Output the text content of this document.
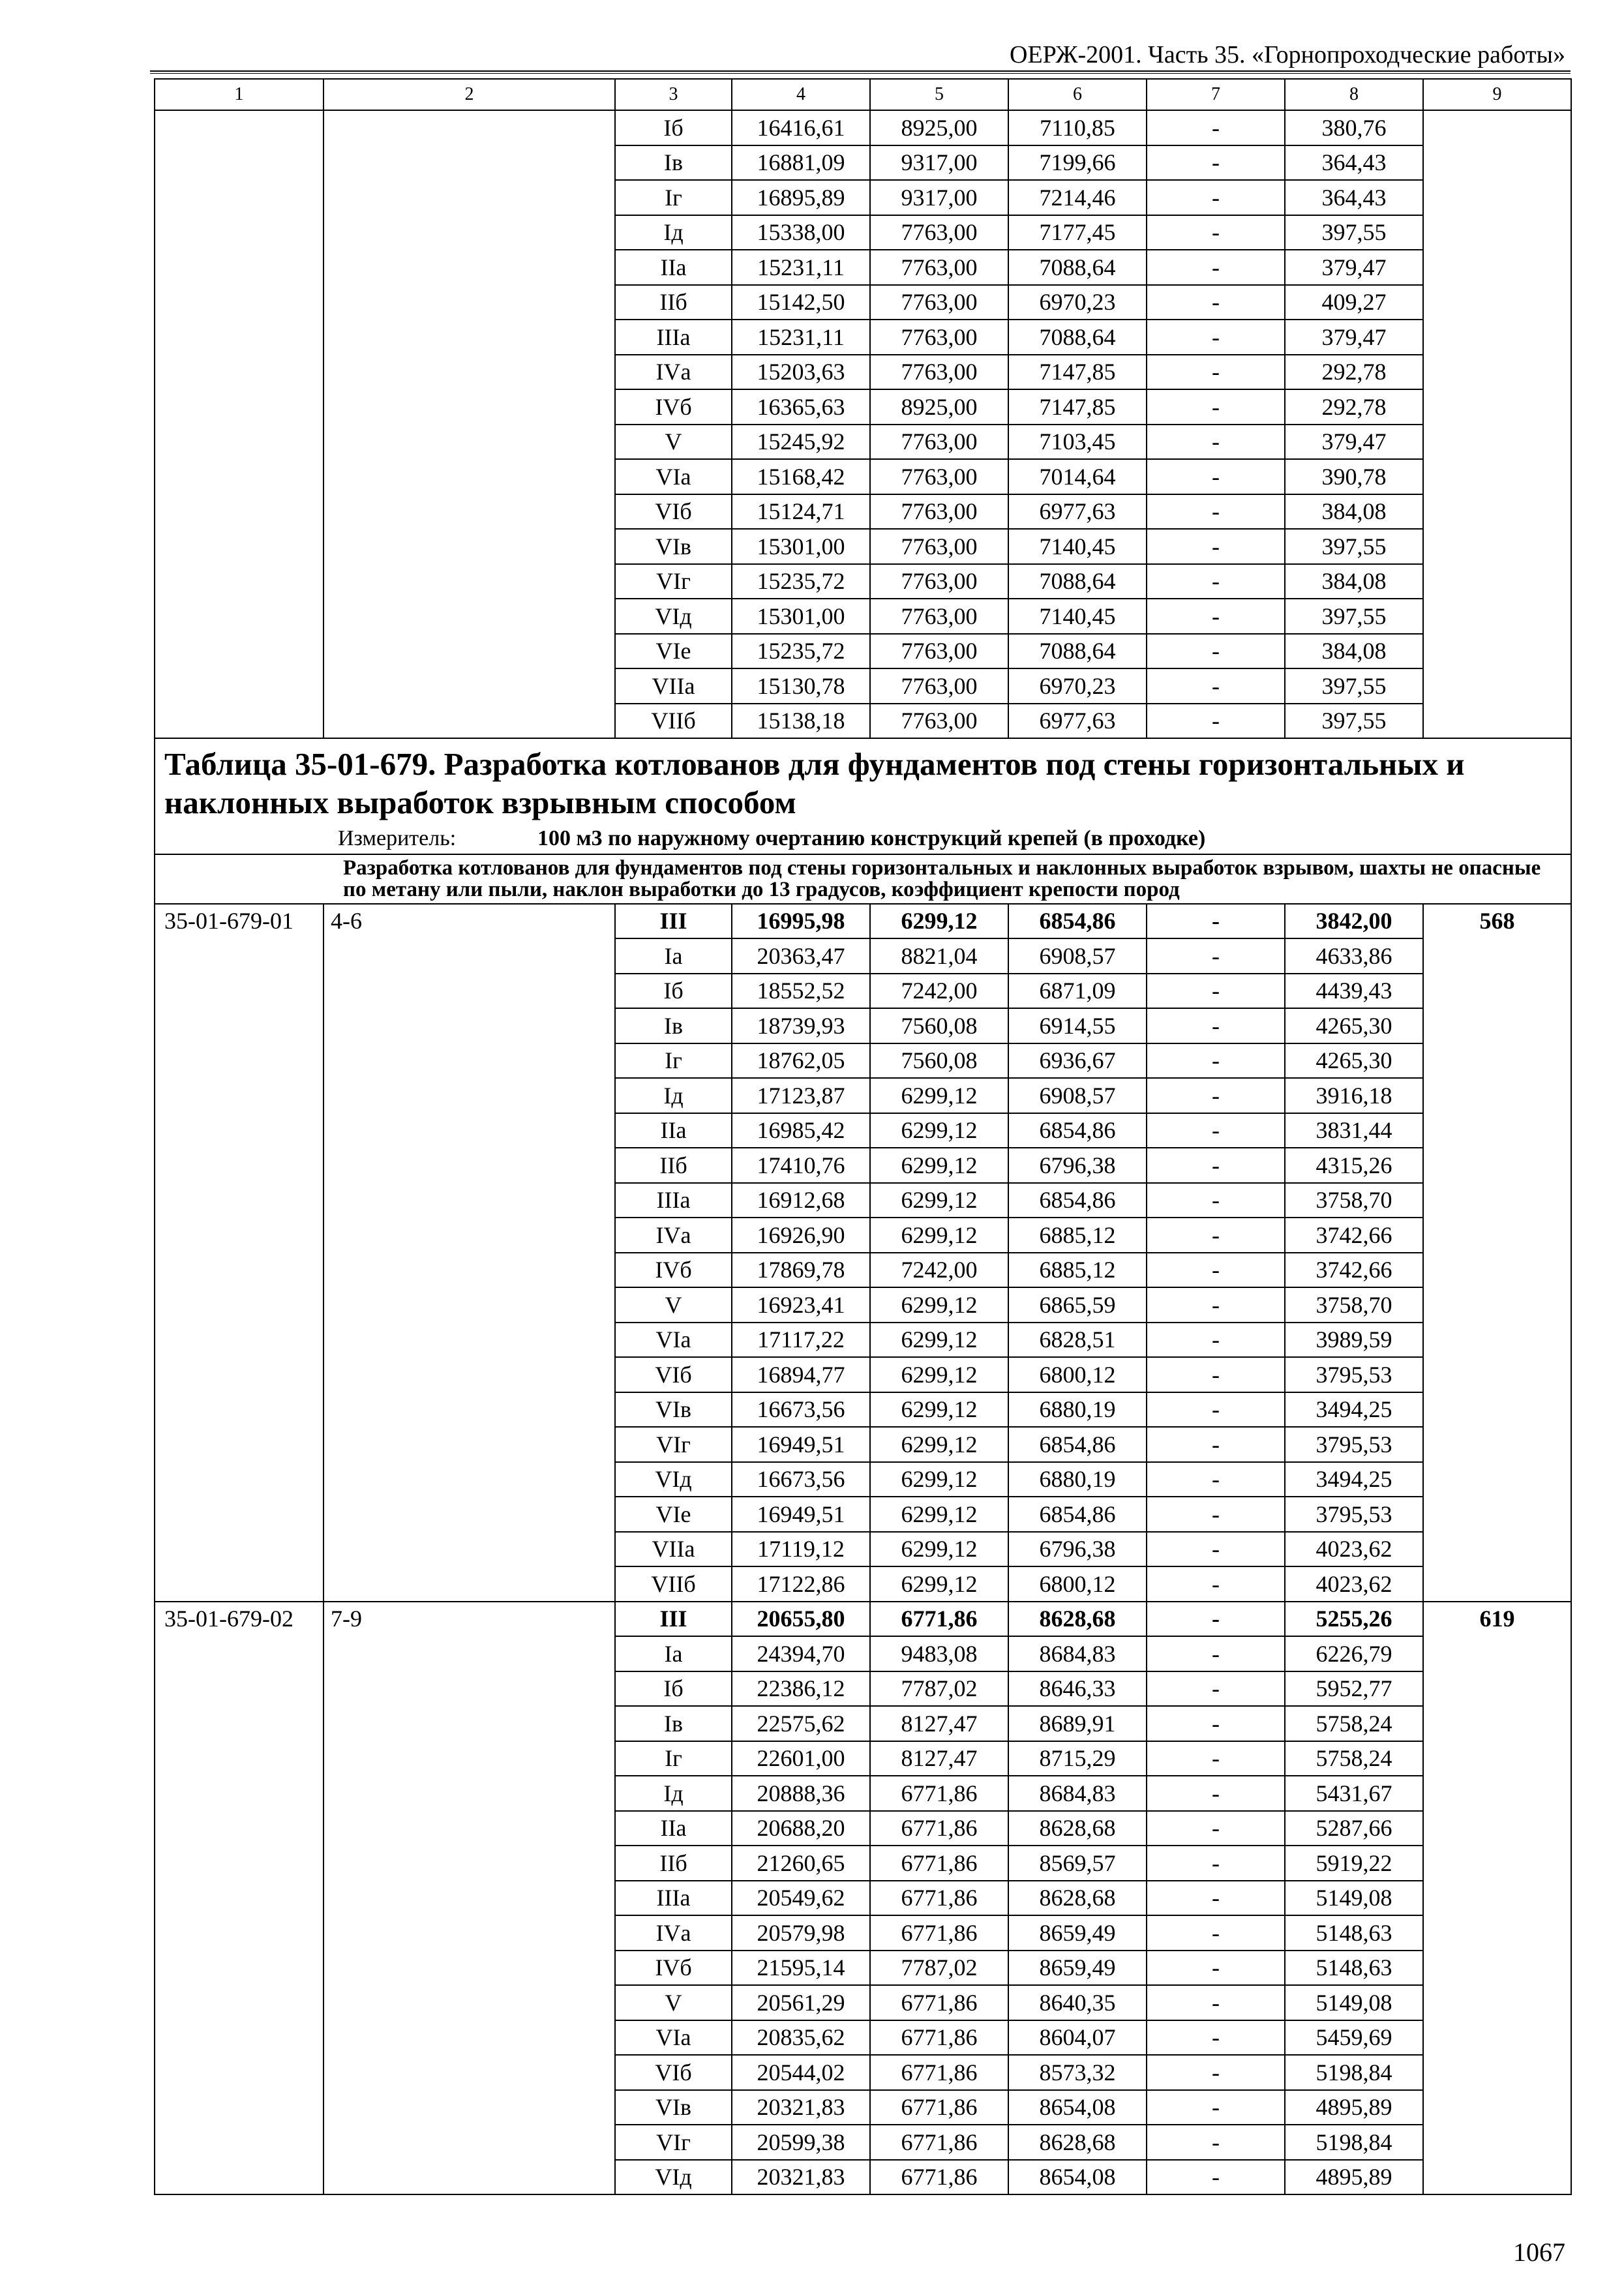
ОЕРЖ-2001. Часть 35. «Горнопроходческие работы»
1	2	3	4	5	6	7	8	9
		Iб	16416,61	8925,00	7110,85	-	380,76	
		Iв	16881,09	9317,00	7199,66	-	364,43	
		Iг	16895,89	9317,00	7214,46	-	364,43	
		Iд	15338,00	7763,00	7177,45	-	397,55	
		IIа	15231,11	7763,00	7088,64	-	379,47	
		IIб	15142,50	7763,00	6970,23	-	409,27	
		IIIа	15231,11	7763,00	7088,64	-	379,47	
		IVа	15203,63	7763,00	7147,85	-	292,78	
		IVб	16365,63	8925,00	7147,85	-	292,78	
		V	15245,92	7763,00	7103,45	-	379,47	
		VIа	15168,42	7763,00	7014,64	-	390,78	
		VIб	15124,71	7763,00	6977,63	-	384,08	
		VIв	15301,00	7763,00	7140,45	-	397,55	
		VIг	15235,72	7763,00	7088,64	-	384,08	
		VIд	15301,00	7763,00	7140,45	-	397,55	
		VIе	15235,72	7763,00	7088,64	-	384,08	
		VIIа	15130,78	7763,00	6970,23	-	397,55	
		VIIб	15138,18	7763,00	6977,63	-	397,55	

Таблица 35-01-679. Разработка котлованов для фундаментов под стены горизонтальных и наклонных выработок взрывным способом
Измеритель: 100 м3 по наружному очертанию конструкций крепей (в проходке)								

Разработка котлованов для фундаментов под стены горизонтальных и наклонных выработок взрывом, шахты не опасные по метану или пыли, наклон выработки до 13 градусов, коэффициент крепости пород								
35-01-679-01	4-6	III	16995,98	6299,12	6854,86	-	3842,00	568
		Iа	20363,47	8821,04	6908,57	-	4633,86	
		Iб	18552,52	7242,00	6871,09	-	4439,43	
		Iв	18739,93	7560,08	6914,55	-	4265,30	
		Iг	18762,05	7560,08	6936,67	-	4265,30	
		Iд	17123,87	6299,12	6908,57	-	3916,18	
		IIа	16985,42	6299,12	6854,86	-	3831,44	
		IIб	17410,76	6299,12	6796,38	-	4315,26	
		IIIа	16912,68	6299,12	6854,86	-	3758,70	
		IVа	16926,90	6299,12	6885,12	-	3742,66	
		IVб	17869,78	7242,00	6885,12	-	3742,66	
		V	16923,41	6299,12	6865,59	-	3758,70	
		VIа	17117,22	6299,12	6828,51	-	3989,59	
		VIб	16894,77	6299,12	6800,12	-	3795,53	
		VIв	16673,56	6299,12	6880,19	-	3494,25	
		VIг	16949,51	6299,12	6854,86	-	3795,53	
		VIд	16673,56	6299,12	6880,19	-	3494,25	
		VIе	16949,51	6299,12	6854,86	-	3795,53	
		VIIа	17119,12	6299,12	6796,38	-	4023,62	
		VIIб	17122,86	6299,12	6800,12	-	4023,62	
35-01-679-02	7-9	III	20655,80	6771,86	8628,68	-	5255,26	619
		Iа	24394,70	9483,08	8684,83	-	6226,79	
		Iб	22386,12	7787,02	8646,33	-	5952,77	
		Iв	22575,62	8127,47	8689,91	-	5758,24	
		Iг	22601,00	8127,47	8715,29	-	5758,24	
		Iд	20888,36	6771,86	8684,83	-	5431,67	
		IIа	20688,20	6771,86	8628,68	-	5287,66	
		IIб	21260,65	6771,86	8569,57	-	5919,22	
		IIIа	20549,62	6771,86	8628,68	-	5149,08	
		IVа	20579,98	6771,86	8659,49	-	5148,63	
		IVб	21595,14	7787,02	8659,49	-	5148,63	
		V	20561,29	6771,86	8640,35	-	5149,08	
		VIа	20835,62	6771,86	8604,07	-	5459,69	
		VIб	20544,02	6771,86	8573,32	-	5198,84	
		VIв	20321,83	6771,86	8654,08	-	4895,89	
		VIг	20599,38	6771,86	8628,68	-	5198,84	
		VIд	20321,83	6771,86	8654,08	-	4895,89	
1067
